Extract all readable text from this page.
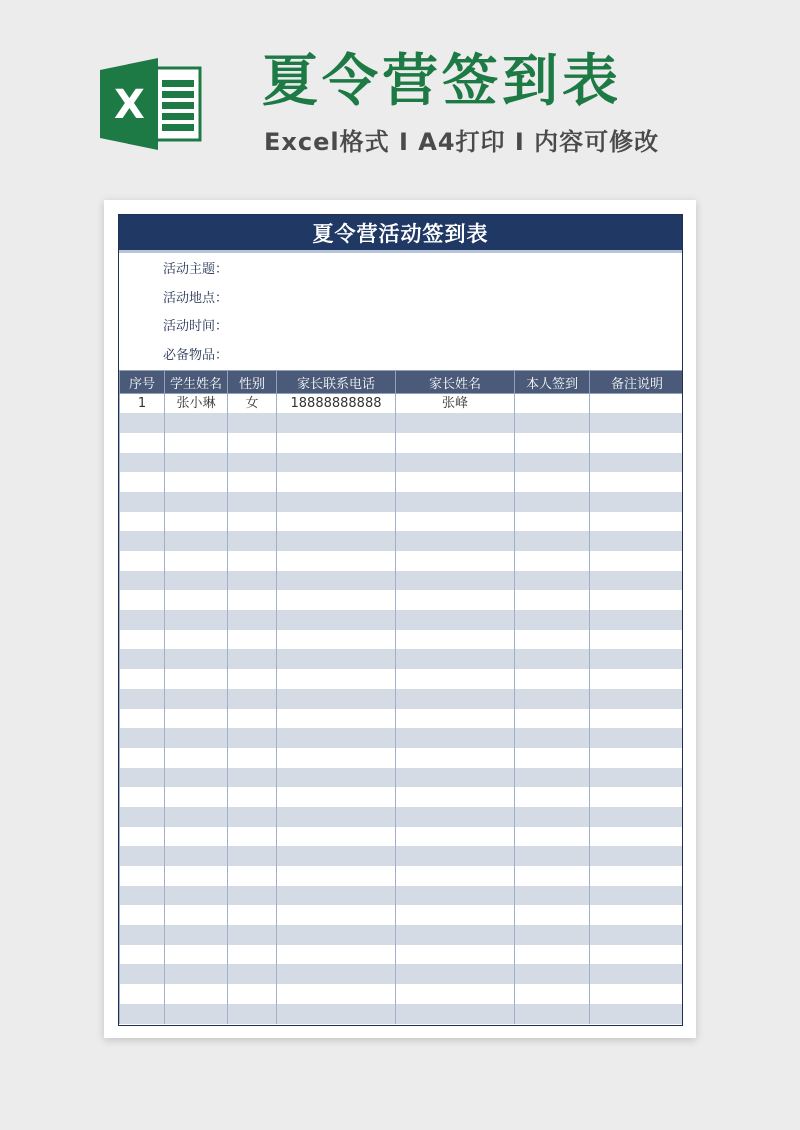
X 夏令营签到表
Excel格式 I A4打印 I 内容可修改
夏令营活动签到表
活动主题：
活动地点：
活动时间：
必备物品：
序号	学生姓名	性别	家长联系电话	家长姓名	本人签到	备注说明
1	张小琳	女	18888888888	张峰		
